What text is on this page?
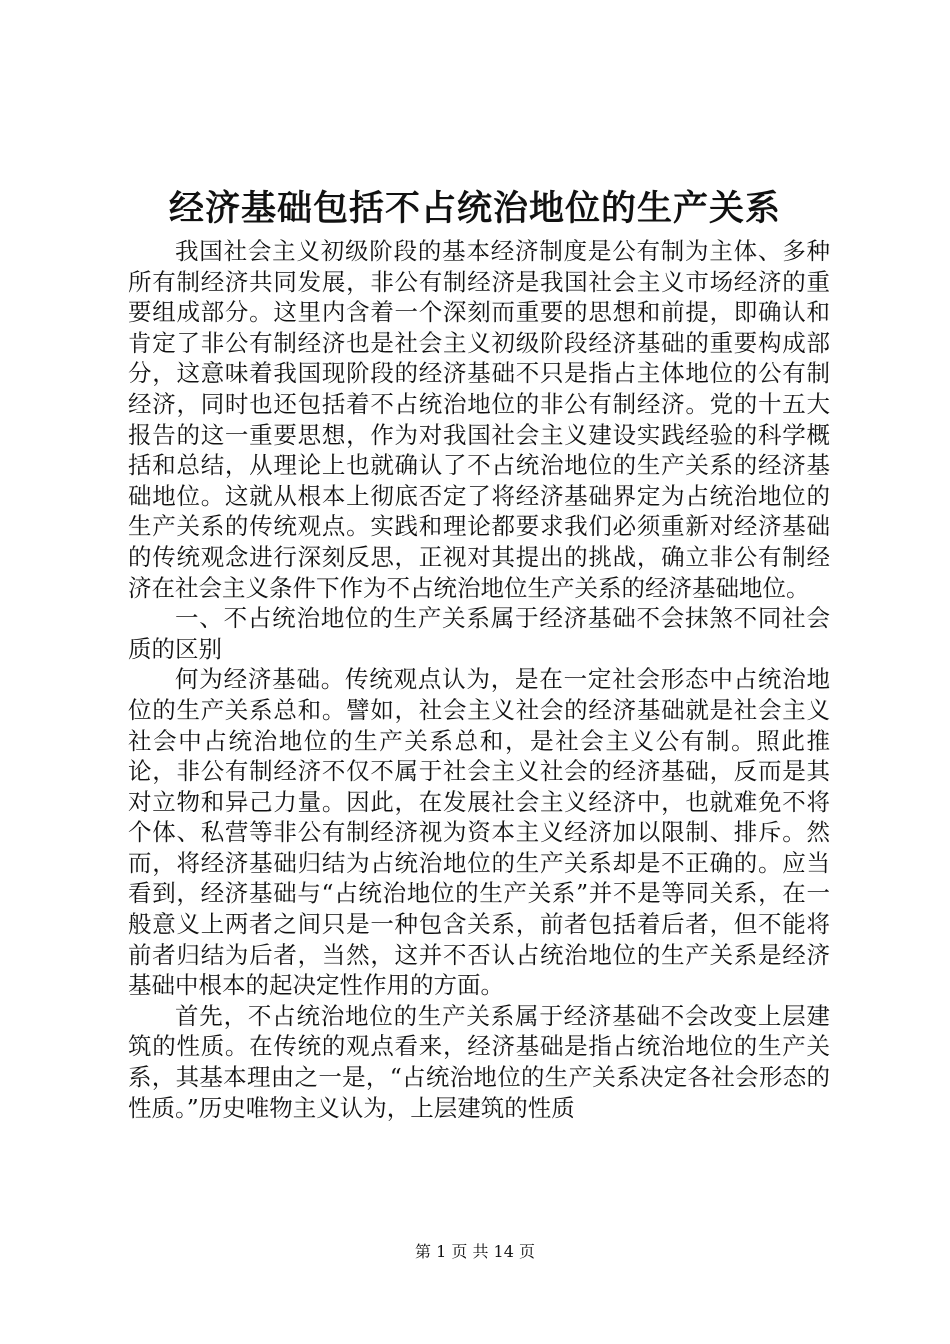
经济基础包括不占统治地位的生产关系

我国社会主义初级阶段的基本经济制度是公有制为主体、多种所有制经济共同发展，非公有制经济是我国社会主义市场经济的重要组成部分。这里内含着一个深刻而重要的思想和前提，即确认和肯定了非公有制经济也是社会主义初级阶段经济基础的重要构成部分，这意味着我国现阶段的经济基础不只是指占主体地位的公有制经济，同时也还包括着不占统治地位的非公有制经济。党的十五大报告的这一重要思想，作为对我国社会主义建设实践经验的科学概括和总结，从理论上也就确认了不占统治地位的生产关系的经济基础地位。这就从根本上彻底否定了将经济基础界定为占统治地位的生产关系的传统观点。实践和理论都要求我们必须重新对经济基础的传统观念进行深刻反思，正视对其提出的挑战，确立非公有制经济在社会主义条件下作为不占统治地位生产关系的经济基础地位。

一、不占统治地位的生产关系属于经济基础不会抹煞不同社会质的区别

何为经济基础。传统观点认为，是在一定社会形态中占统治地位的生产关系总和。譬如，社会主义社会的经济基础就是社会主义社会中占统治地位的生产关系总和，是社会主义公有制。照此推论，非公有制经济不仅不属于社会主义社会的经济基础，反而是其对立物和异己力量。因此，在发展社会主义经济中，也就难免不将个体、私营等非公有制经济视为资本主义经济加以限制、排斥。然而，将经济基础归结为占统治地位的生产关系却是不正确的。应当看到，经济基础与“占统治地位的生产关系”并不是等同关系，在一般意义上两者之间只是一种包含关系，前者包括着后者，但不能将前者归结为后者，当然，这并不否认占统治地位的生产关系是经济基础中根本的起决定性作用的方面。

首先，不占统治地位的生产关系属于经济基础不会改变上层建筑的性质。在传统的观点看来，经济基础是指占统治地位的生产关系，其基本理由之一是，“占统治地位的生产关系决定各社会形态的性质。”历史唯物主义认为，上层建筑的性质

第 1 页 共 14 页
